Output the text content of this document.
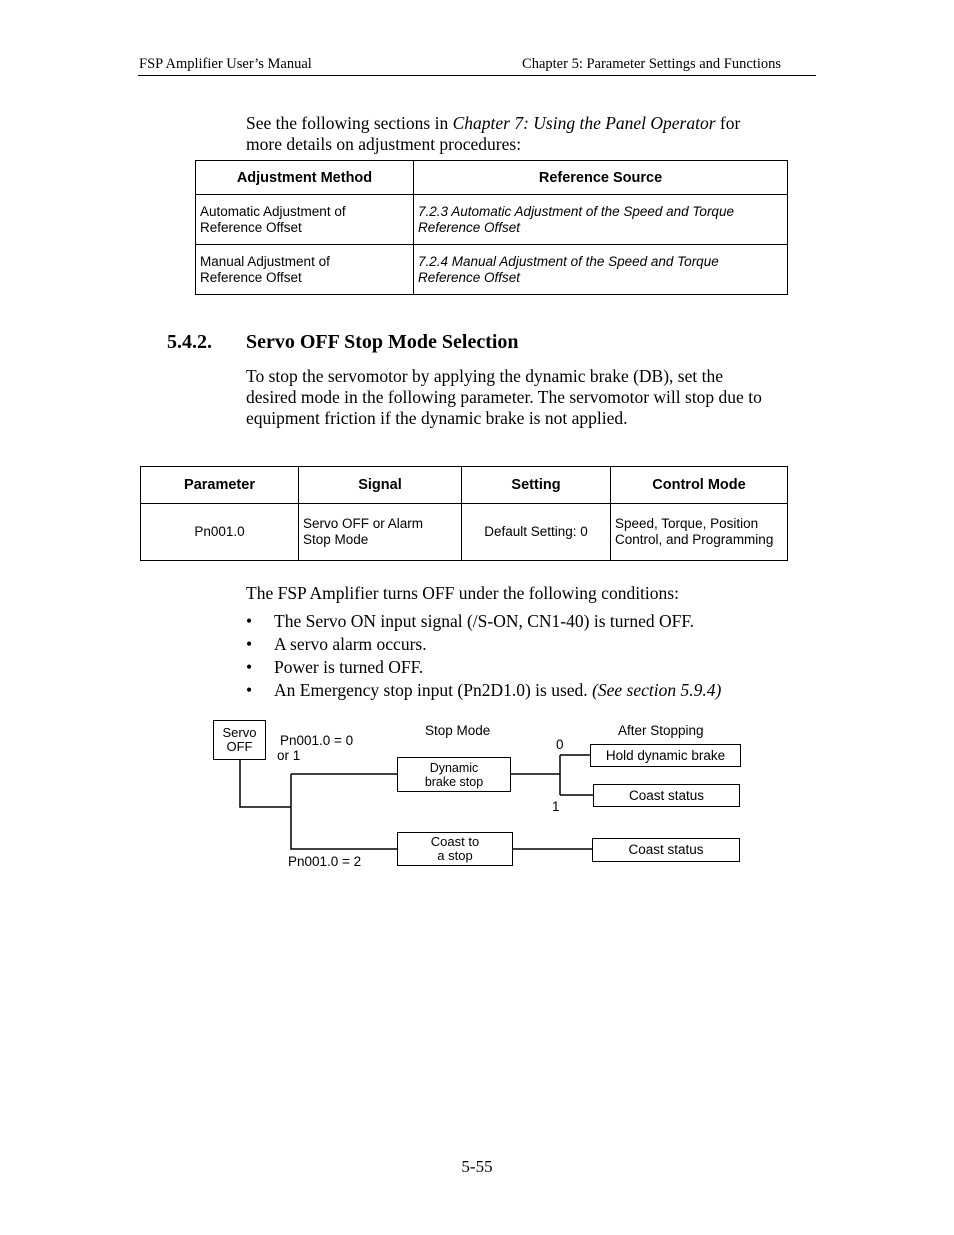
FSP Amplifier User’s Manual	Chapter 5: Parameter Settings and Functions
See the following sections in Chapter 7: Using the Panel Operator for
more details on adjustment procedures:
Adjustment Method	Reference Source
Automatic Adjustment of
Reference Offset	7.2.3 Automatic Adjustment of the Speed and Torque
Reference Offset
Manual Adjustment of
Reference Offset	7.2.4 Manual Adjustment of the Speed and Torque
Reference Offset
5.4.2. Servo OFF Stop Mode Selection
To stop the servomotor by applying the dynamic brake (DB), set the
desired mode in the following parameter. The servomotor will stop due to
equipment friction if the dynamic brake is not applied.
Parameter	Signal	Setting	Control Mode
Pn001.0	Servo OFF or Alarm
Stop Mode	Default Setting: 0	Speed, Torque, Position
Control, and Programming
The FSP Amplifier turns OFF under the following conditions:
• The Servo ON input signal (/S-ON, CN1-40) is turned OFF.
• A servo alarm occurs.
• Power is turned OFF.
• An Emergency stop input (Pn2D1.0) is used. (See section 5.9.4)
Servo
OFF Pn001.0 = 0
or 1
Pn001.0 = 2
Stop Mode	After Stopping
Dynamic
brake stop
Coast to
a stop
0
1
Hold dynamic brake
Coast status
Coast status
5-55
